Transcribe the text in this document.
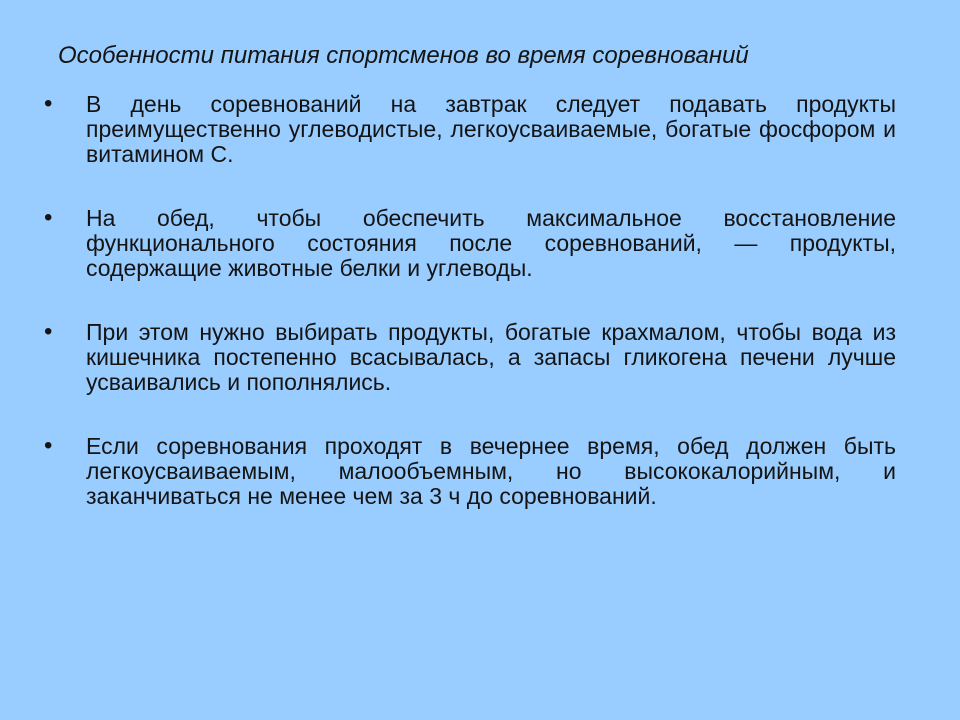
Особенности питания спортсменов во время соревнований
• В день соревнований на завтрак следует подавать продукты преимущественно углеводистые, легкоусваиваемые, богатые фосфором и витамином С.
• На обед, чтобы обеспечить максимальное восстановление функционального состояния после соревнований, — продукты, содержащие животные белки и углеводы.
• При этом нужно выбирать продукты, богатые крахмалом, чтобы вода из кишечника постепенно всасывалась, а запасы гликогена печени лучше усваивались и пополнялись.
• Если соревнования проходят в вечернее время, обед должен быть легкоусваиваемым, малообъемным, но высококалорийным, и заканчиваться не менее чем за 3 ч до соревнований.
